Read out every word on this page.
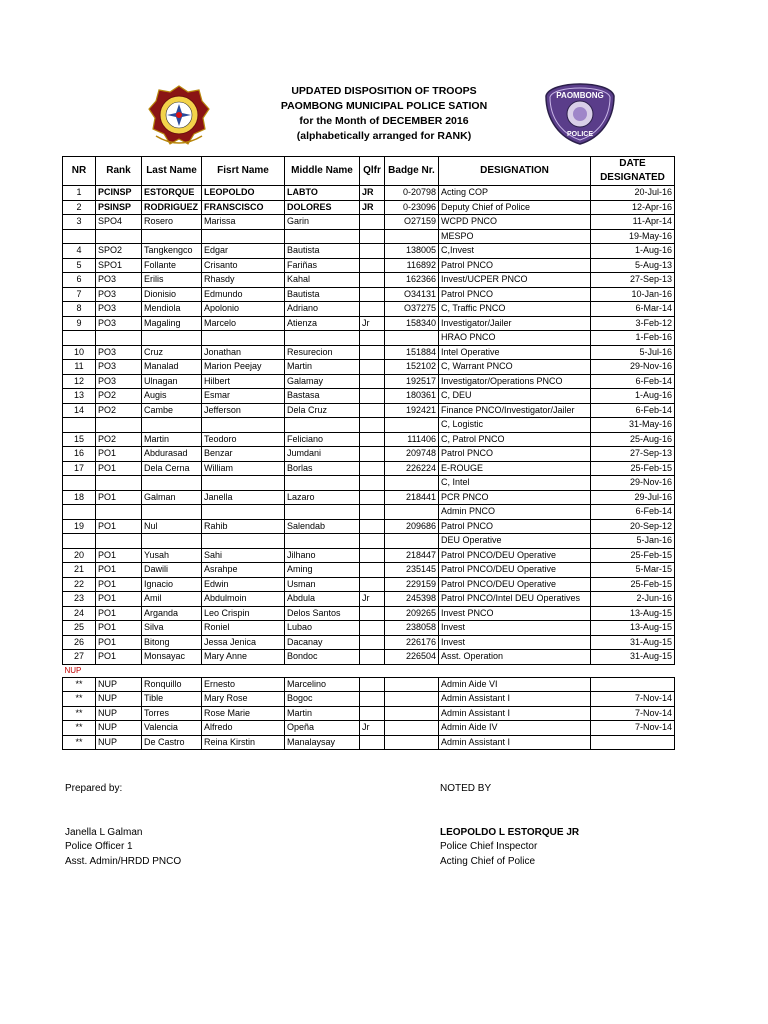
PAOMBONG
POLICE
UPDATED DISPOSITION OF TROOPS
PAOMBONG MUNICIPAL POLICE SATION
for the Month of DECEMBER 2016
(alphabetically arranged for RANK)
NR	Rank	Last Name	Fisrt Name	Middle Name	Qlfr	Badge Nr.	DESIGNATION	DATE DESIGNATED
1	PCINSP	ESTORQUE	LEOPOLDO	LABTO	JR	0-20798	Acting COP	20-Jul-16
2	PSINSP	RODRIGUEZ	FRANSCISCO	DOLORES	JR	0-23096	Deputy Chief of Police	12-Apr-16
3	SPO4	Rosero	Marissa	Garin		O27159	WCPD PNCO	11-Apr-14
							MESPO	19-May-16
4	SPO2	Tangkengco	Edgar	Bautista		138005	C,Invest	1-Aug-16
5	SPO1	Follante	Crisanto	Fariñas		116892	Patrol PNCO	5-Aug-13
6	PO3	Erilis	Rhasdy	Kahal		162366	Invest/UCPER PNCO	27-Sep-13
7	PO3	Dionisio	Edmundo	Bautista		O34131	Patrol PNCO	10-Jan-16
8	PO3	Mendiola	Apolonio	Adriano		O37275	C, Traffic PNCO	6-Mar-14
9	PO3	Magaling	Marcelo	Atienza	Jr	158340	Investigator/Jailer	3-Feb-12
							HRAO PNCO	1-Feb-16
10	PO3	Cruz	Jonathan	Resurecion		151884	Intel Operative	5-Jul-16
11	PO3	Manalad	Marion Peejay	Martin		152102	C, Warrant PNCO	29-Nov-16
12	PO3	Ulnagan	Hilbert	Galamay		192517	Investigator/Operations PNCO	6-Feb-14
13	PO2	Augis	Esmar	Bastasa		180361	C, DEU	1-Aug-16
14	PO2	Cambe	Jefferson	Dela Cruz		192421	Finance PNCO/Investigator/Jailer	6-Feb-14
							C, Logistic	31-May-16
15	PO2	Martin	Teodoro	Feliciano		111406	C, Patrol PNCO	25-Aug-16
16	PO1	Abdurasad	Benzar	Jumdani		209748	Patrol PNCO	27-Sep-13
17	PO1	Dela Cerna	William	Borlas		226224	E-ROUGE	25-Feb-15
							C, Intel	29-Nov-16
18	PO1	Galman	Janella	Lazaro		218441	PCR PNCO	29-Jul-16
							Admin PNCO	6-Feb-14
19	PO1	Nul	Rahib	Salendab		209686	Patrol PNCO	20-Sep-12
							DEU Operative	5-Jan-16
20	PO1	Yusah	Sahi	Jilhano		218447	Patrol PNCO/DEU Operative	25-Feb-15
21	PO1	Dawili	Asrahpe	Aming		235145	Patrol PNCO/DEU Operative	5-Mar-15
22	PO1	Ignacio	Edwin	Usman		229159	Patrol PNCO/DEU Operative	25-Feb-15
23	PO1	Amil	Abdulmoin	Abdula	Jr	245398	Patrol PNCO/Intel DEU Operatives	2-Jun-16
24	PO1	Arganda	Leo Crispin	Delos Santos		209265	Invest PNCO	13-Aug-15
25	PO1	Silva	Roniel	Lubao		238058	Invest	13-Aug-15
26	PO1	Bitong	Jessa Jenica	Dacanay		226176	Invest	31-Aug-15
27	PO1	Monsayac	Mary Anne	Bondoc		226504	Asst. Operation	31-Aug-15
NUP								
**	NUP	Ronquillo	Ernesto	Marcelino			Admin Aide VI	
**	NUP	Tible	Mary Rose	Bogoc			Admin Assistant I	7-Nov-14
**	NUP	Torres	Rose Marie	Martin			Admin Assistant I	7-Nov-14
**	NUP	Valencia	Alfredo	Opeña	Jr		Admin Aide IV	7-Nov-14
**	NUP	De Castro	Reina Kirstin	Manalaysay			Admin Assistant I	
Prepared by:
Janella L Galman
Police Officer 1
Asst. Admin/HRDD PNCO
NOTED BY
LEOPOLDO L ESTORQUE JR
Police Chief Inspector
Acting Chief of Police
